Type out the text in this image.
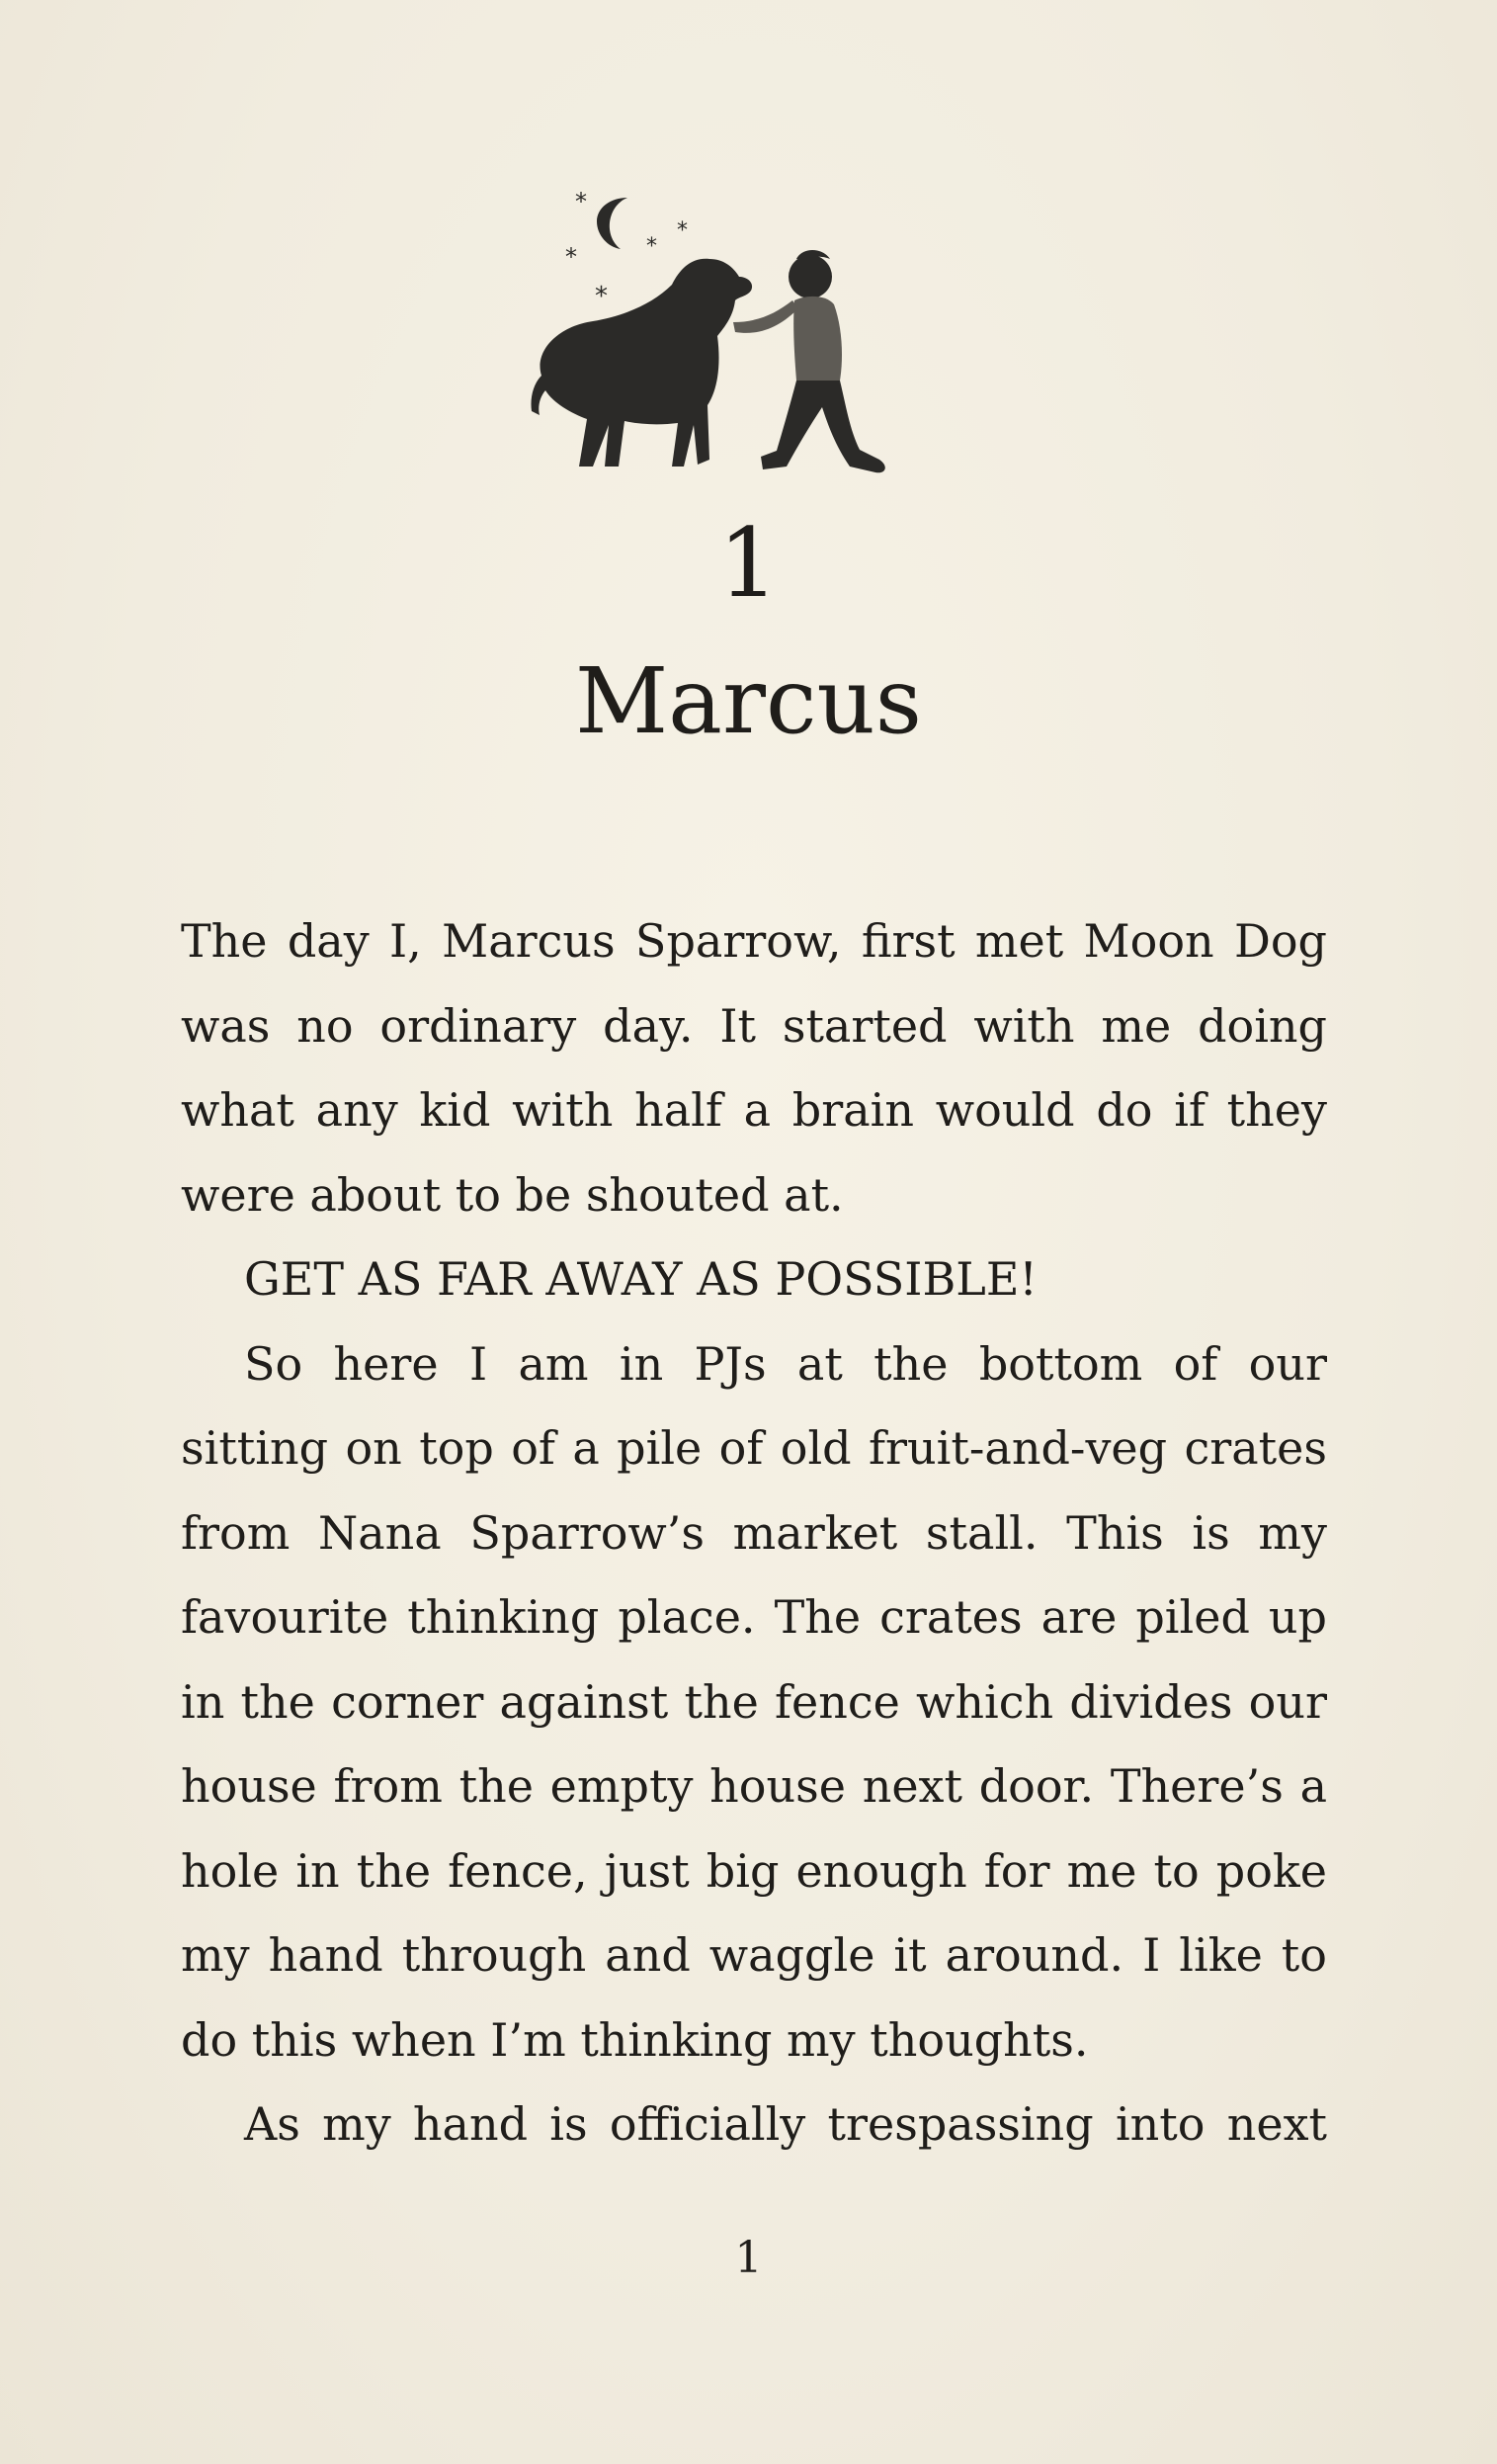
*
*
*
*
*
1
Marcus
The day I, Marcus Sparrow, first met Moon Dog
was no ordinary day. It started with me doing
what any kid with half a brain would do if they
were about to be shouted at.
GET AS FAR AWAY AS POSSIBLE!
So here I am in PJs at the bottom of our
sitting on top of a pile of old fruit-and-veg crates
from Nana Sparrow’s market stall. This is my
favourite thinking place. The crates are piled up
in the corner against the fence which divides our
house from the empty house next door. There’s a
hole in the fence, just big enough for me to poke
my hand through and waggle it around. I like to
do this when I’m thinking my thoughts.
As my hand is officially trespassing into next
1
